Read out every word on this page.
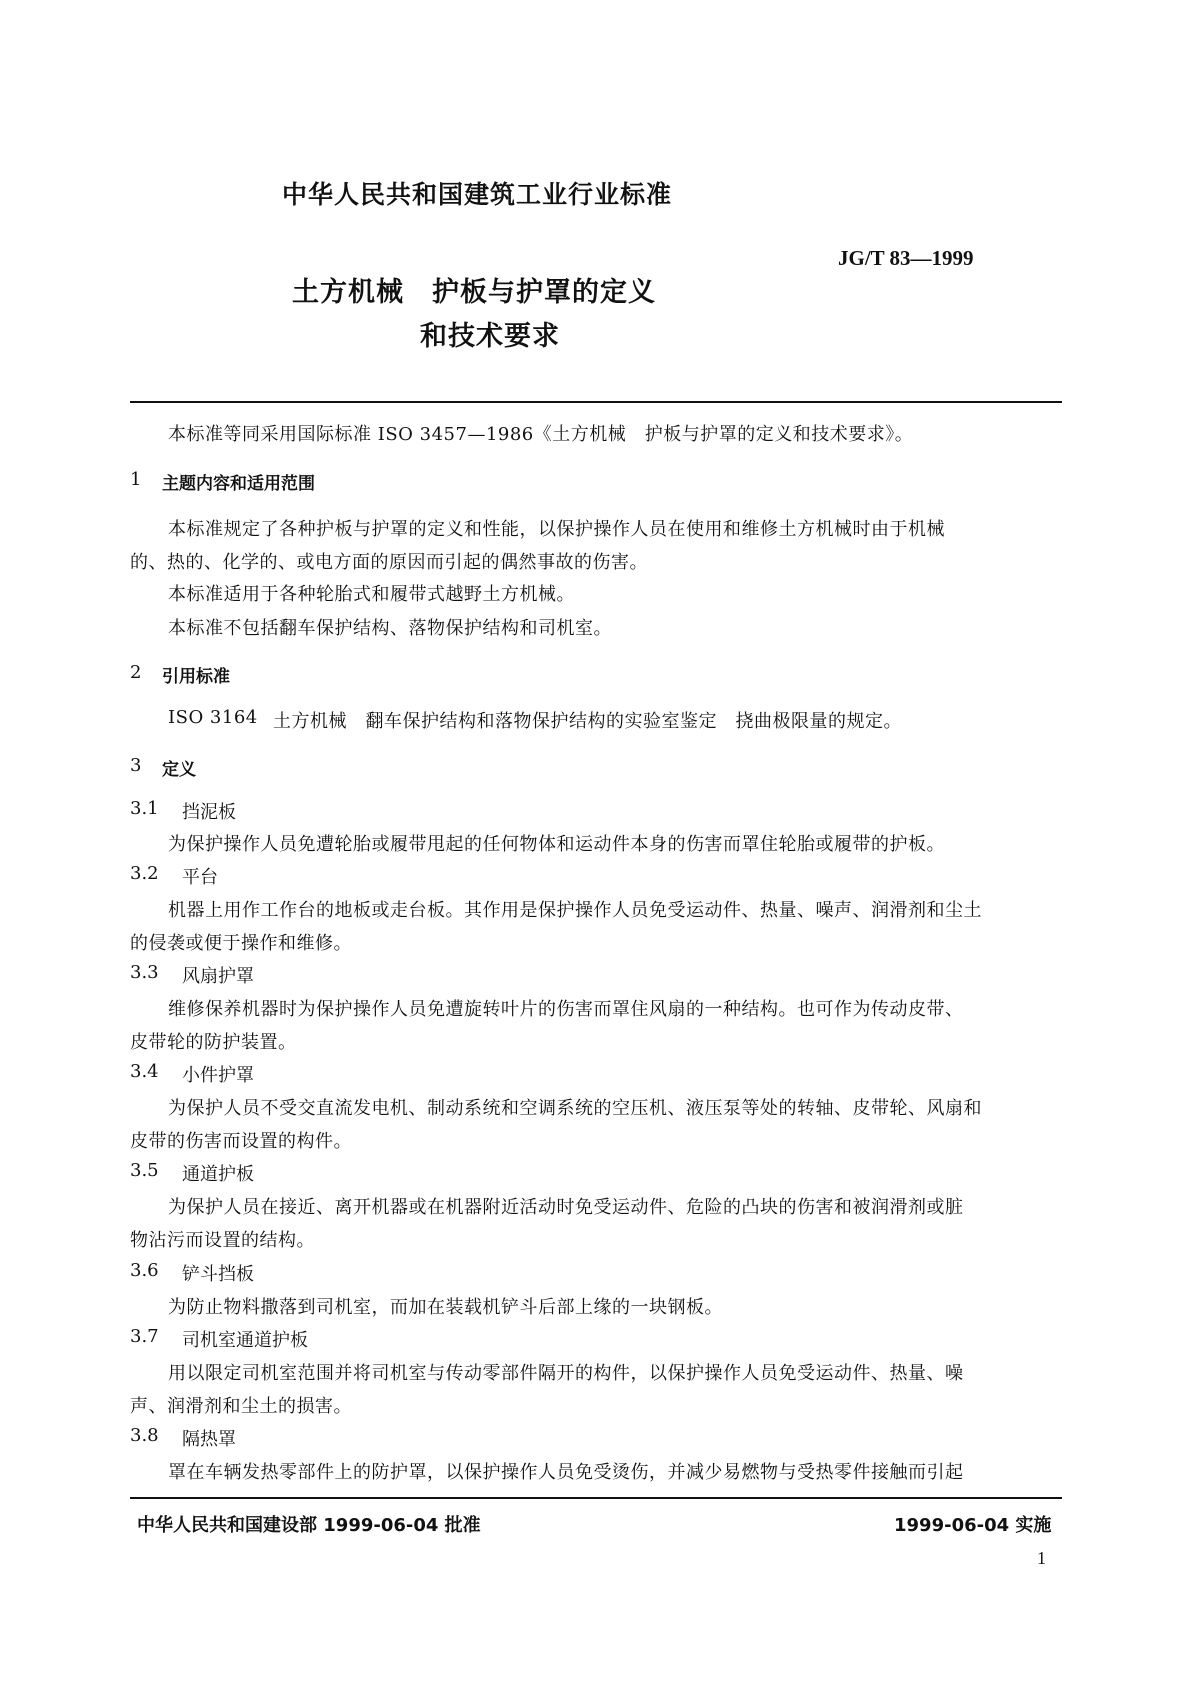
中华人民共和国建筑工业行业标准
JG/T 83—1999
土方机械　护板与护罩的定义
和技术要求
本标准等同采用国际标准 ISO 3457—1986《土方机械　护板与护罩的定义和技术要求》。
1 主题内容和适用范围
本标准规定了各种护板与护罩的定义和性能，以保护操作人员在使用和维修土方机械时由于机械
的、热的、化学的、或电方面的原因而引起的偶然事故的伤害。
本标准适用于各种轮胎式和履带式越野土方机械。
本标准不包括翻车保护结构、落物保护结构和司机室。
2 引用标准
ISO 3164 土方机械　翻车保护结构和落物保护结构的实验室鉴定　挠曲极限量的规定。
3 定义
3.1 挡泥板
为保护操作人员免遭轮胎或履带甩起的任何物体和运动件本身的伤害而罩住轮胎或履带的护板。
3.2 平台
机器上用作工作台的地板或走台板。其作用是保护操作人员免受运动件、热量、噪声、润滑剂和尘土
的侵袭或便于操作和维修。
3.3 风扇护罩
维修保养机器时为保护操作人员免遭旋转叶片的伤害而罩住风扇的一种结构。也可作为传动皮带、
皮带轮的防护装置。
3.4 小件护罩
为保护人员不受交直流发电机、制动系统和空调系统的空压机、液压泵等处的转轴、皮带轮、风扇和
皮带的伤害而设置的构件。
3.5 通道护板
为保护人员在接近、离开机器或在机器附近活动时免受运动件、危险的凸块的伤害和被润滑剂或脏
物沾污而设置的结构。
3.6 铲斗挡板
为防止物料撒落到司机室，而加在装载机铲斗后部上缘的一块钢板。
3.7 司机室通道护板
用以限定司机室范围并将司机室与传动零部件隔开的构件，以保护操作人员免受运动件、热量、噪
声、润滑剂和尘土的损害。
3.8 隔热罩
罩在车辆发热零部件上的防护罩，以保护操作人员免受烫伤，并减少易燃物与受热零件接触而引起
中华人民共和国建设部 1999-06-04 批准	1999-06-04 实施
1
